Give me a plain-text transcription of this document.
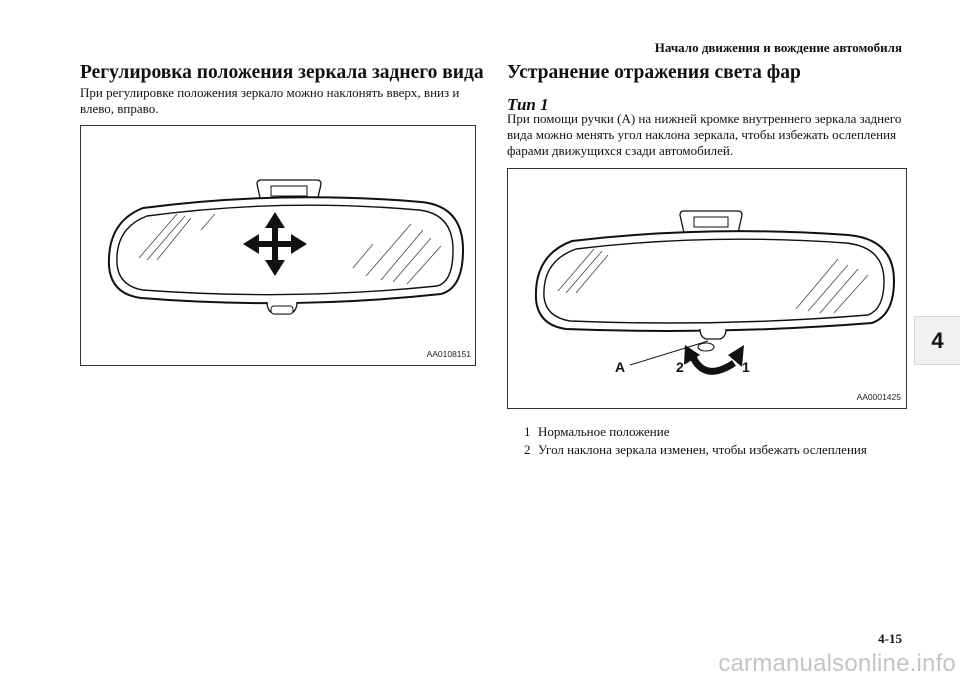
Начало движения и вождение автомобиля
Регулировка положения зеркала заднего вида
При регулировке положения зеркало можно наклонять вверх, вниз и влево, вправо.
AA0108151
Устранение отражения света фар
Тип 1
При помощи ручки (A) на нижней кромке внутреннего зеркала заднего вида можно менять угол наклона зеркала, чтобы избежать ослепления фарами движущихся сзади автомобилей.
A	2	1
AA0001425
1 Нормальное положение
2 Угол наклона зеркала изменен, чтобы избежать ослепления
4
4-15
carmanualsonline.info
